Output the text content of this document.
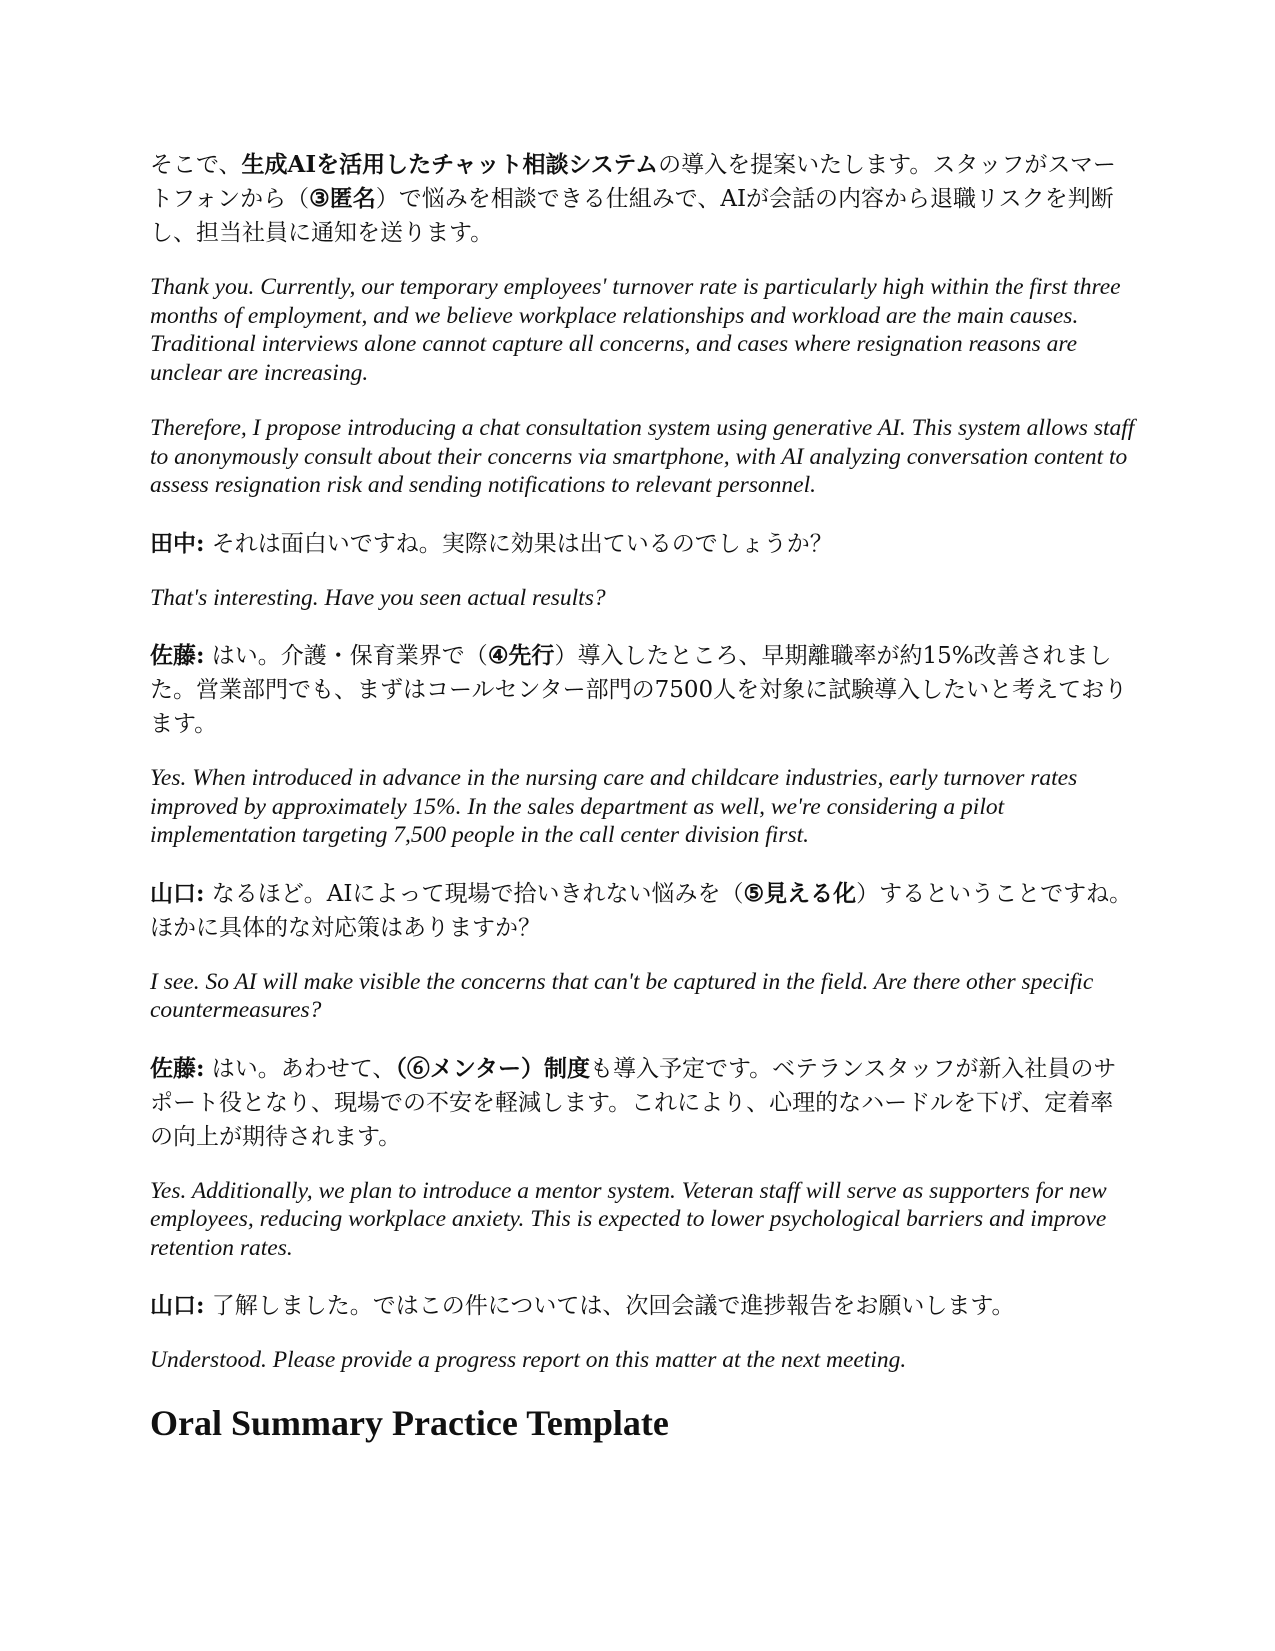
そこで、生成AIを活用したチャット相談システムの導入を提案いたします。スタッフがスマートフォンから（③匿名）で悩みを相談できる仕組みで、AIが会話の内容から退職リスクを判断し、担当社員に通知を送ります。

Thank you. Currently, our temporary employees' turnover rate is particularly high within the first three months of employment, and we believe workplace relationships and workload are the main causes. Traditional interviews alone cannot capture all concerns, and cases where resignation reasons are unclear are increasing.

Therefore, I propose introducing a chat consultation system using generative AI. This system allows staff to anonymously consult about their concerns via smartphone, with AI analyzing conversation content to assess resignation risk and sending notifications to relevant personnel.

田中: それは面白いですね。実際に効果は出ているのでしょうか？

That's interesting. Have you seen actual results?

佐藤: はい。介護・保育業界で（④先行）導入したところ、早期離職率が約15%改善されました。営業部門でも、まずはコールセンター部門の7500人を対象に試験導入したいと考えております。

Yes. When introduced in advance in the nursing care and childcare industries, early turnover rates improved by approximately 15%. In the sales department as well, we're considering a pilot implementation targeting 7,500 people in the call center division first.

山口: なるほど。AIによって現場で拾いきれない悩みを（⑤見える化）するということですね。ほかに具体的な対応策はありますか？

I see. So AI will make visible the concerns that can't be captured in the field. Are there other specific countermeasures?

佐藤: はい。あわせて、（⑥メンター）制度も導入予定です。ベテランスタッフが新入社員のサポート役となり、現場での不安を軽減します。これにより、心理的なハードルを下げ、定着率の向上が期待されます。

Yes. Additionally, we plan to introduce a mentor system. Veteran staff will serve as supporters for new employees, reducing workplace anxiety. This is expected to lower psychological barriers and improve retention rates.

山口: 了解しました。ではこの件については、次回会議で進捗報告をお願いします。

Understood. Please provide a progress report on this matter at the next meeting.

Oral Summary Practice Template
